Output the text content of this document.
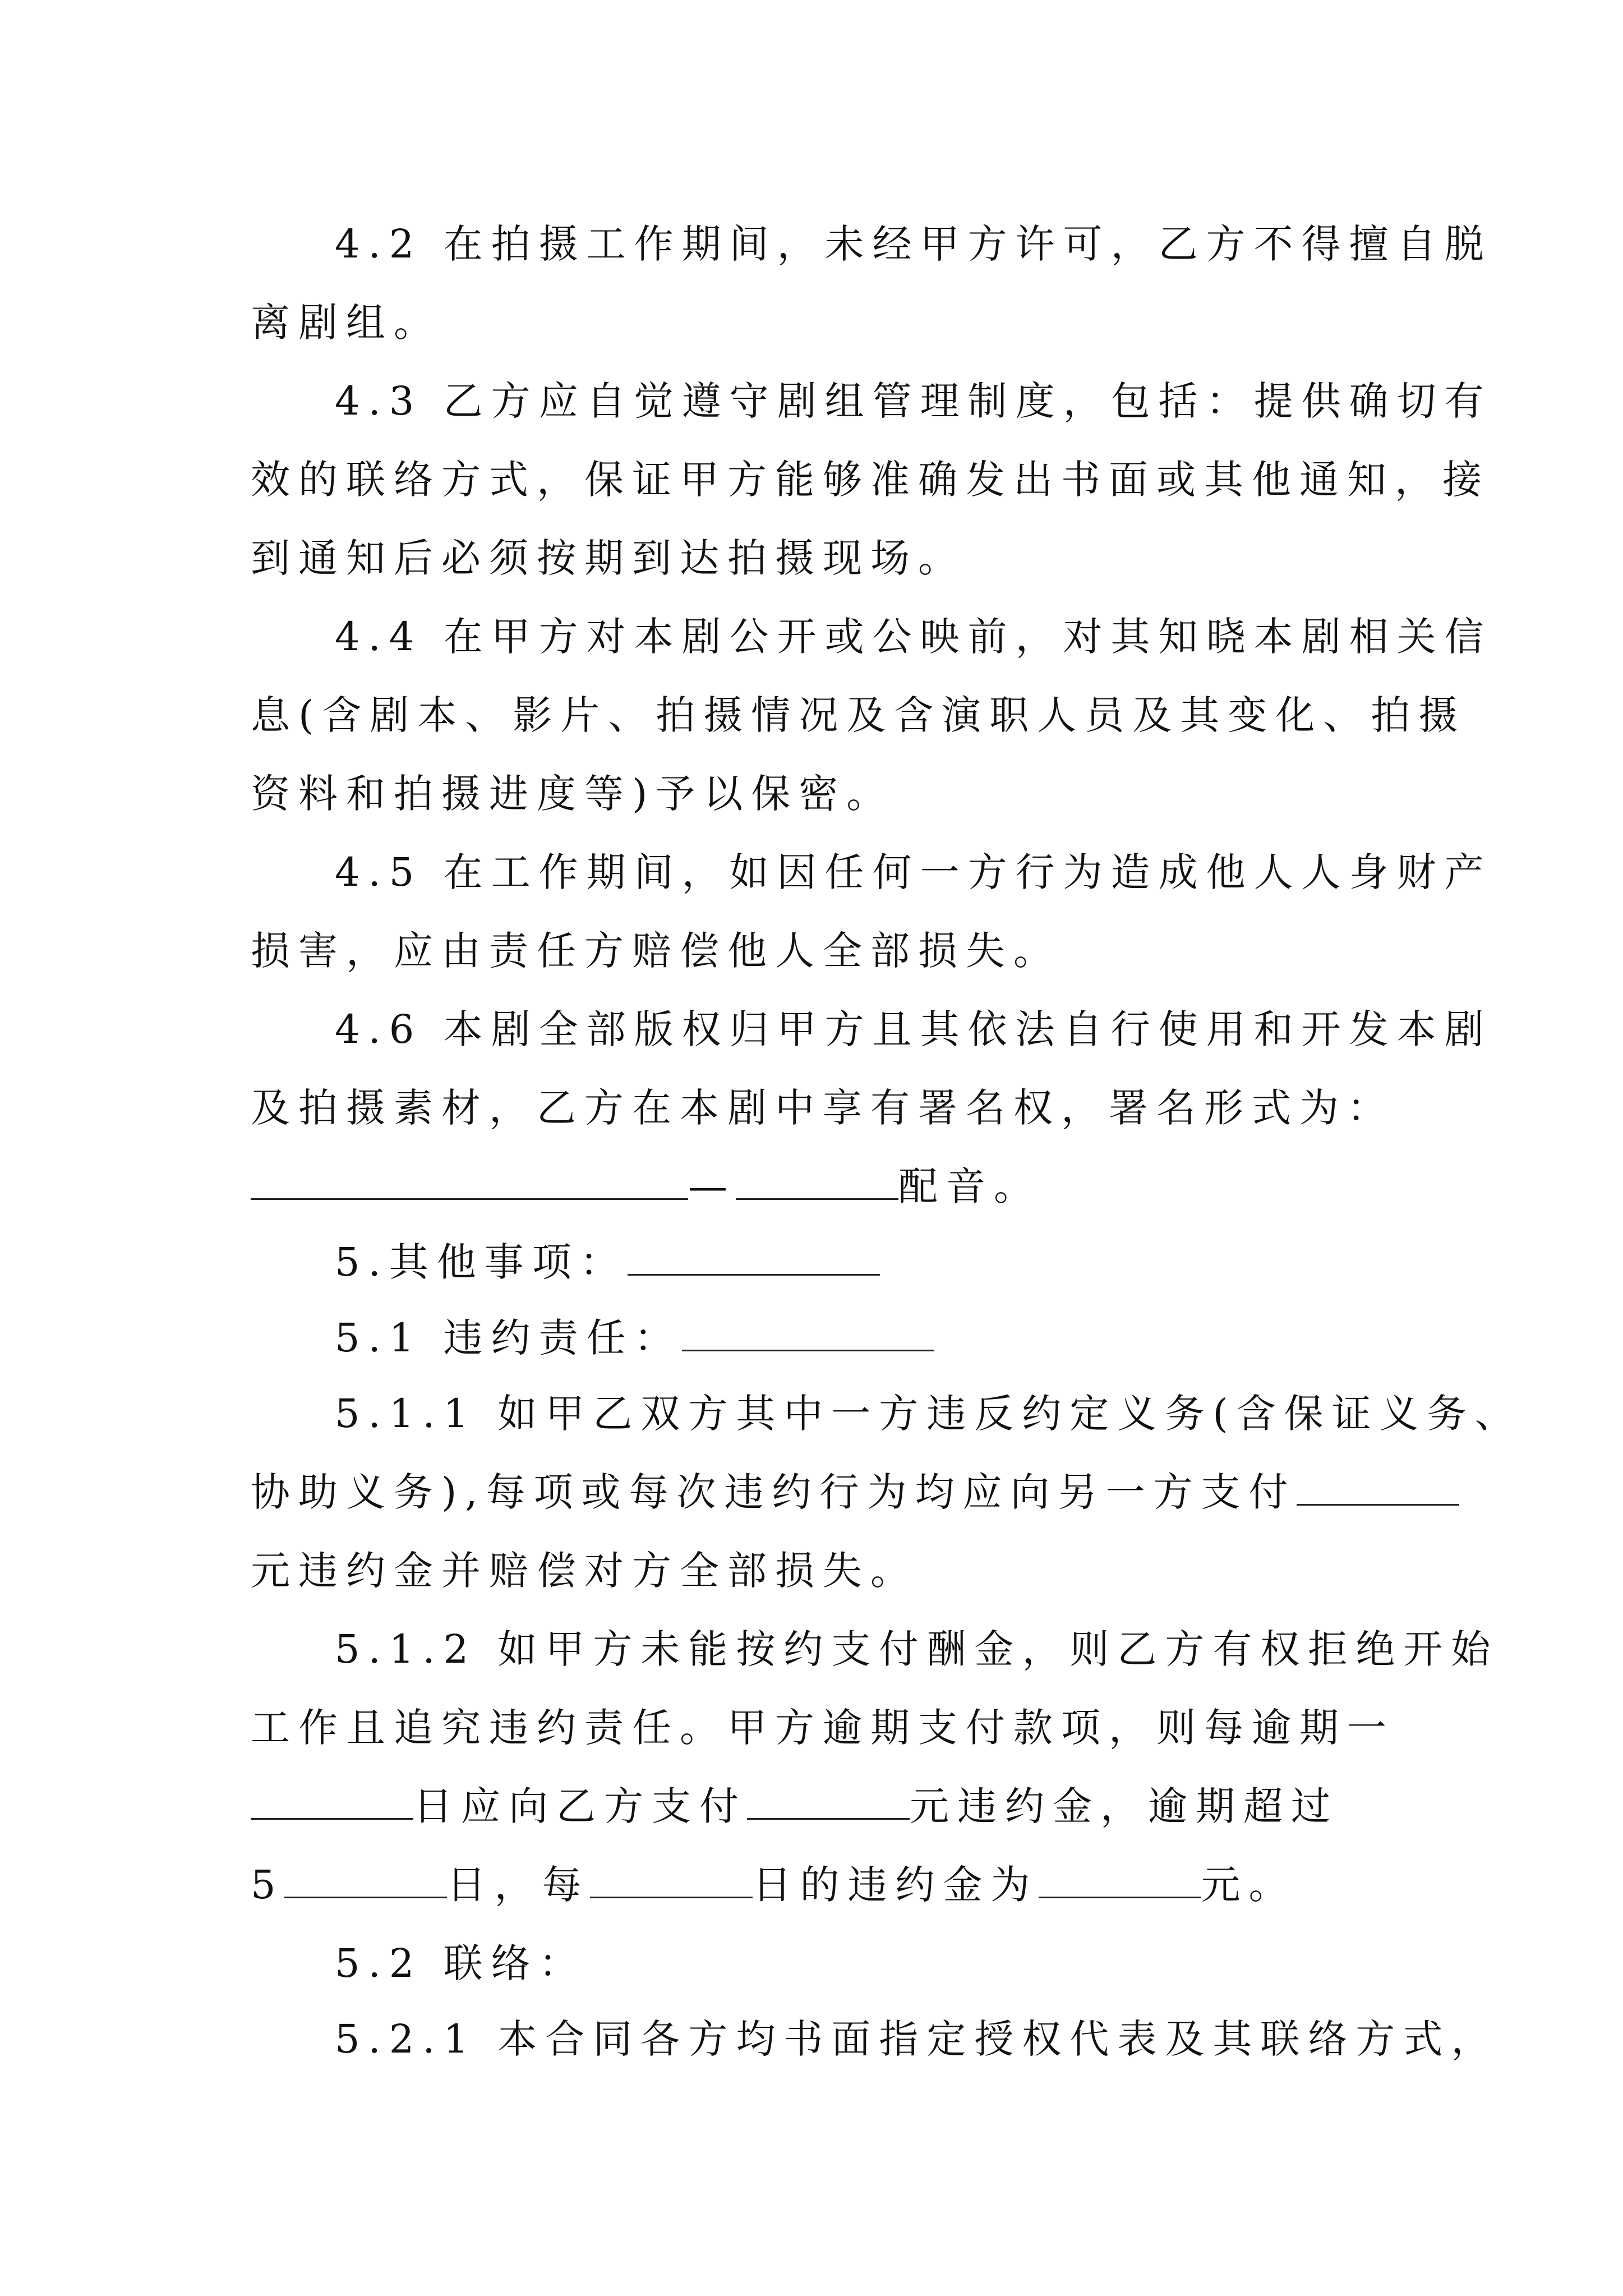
4.2 在拍摄工作期间，未经甲方许可，乙方不得擅自脱
离剧组。
4.3 乙方应自觉遵守剧组管理制度，包括：提供确切有
效的联络方式，保证甲方能够准确发出书面或其他通知，接
到通知后必须按期到达拍摄现场。
4.4 在甲方对本剧公开或公映前，对其知晓本剧相关信
息(含剧本、影片、拍摄情况及含演职人员及其变化、拍摄
资料和拍摄进度等)予以保密。
4.5 在工作期间，如因任何一方行为造成他人人身财产
损害，应由责任方赔偿他人全部损失。
4.6 本剧全部版权归甲方且其依法自行使用和开发本剧
及拍摄素材，乙方在本剧中享有署名权，署名形式为：
—	配音。
5.其他事项：
5.1 违约责任：
5.1.1 如甲乙双方其中一方违反约定义务(含保证义务、
协助义务),每项或每次违约行为均应向另一方支付
元违约金并赔偿对方全部损失。
5.1.2 如甲方未能按约支付酬金，则乙方有权拒绝开始
工作且追究违约责任。甲方逾期支付款项，则每逾期一
日应向乙方支付	元违约金，逾期超过
5	日，每	日的违约金为	元。
5.2 联络：
5.2.1 本合同各方均书面指定授权代表及其联络方式，
